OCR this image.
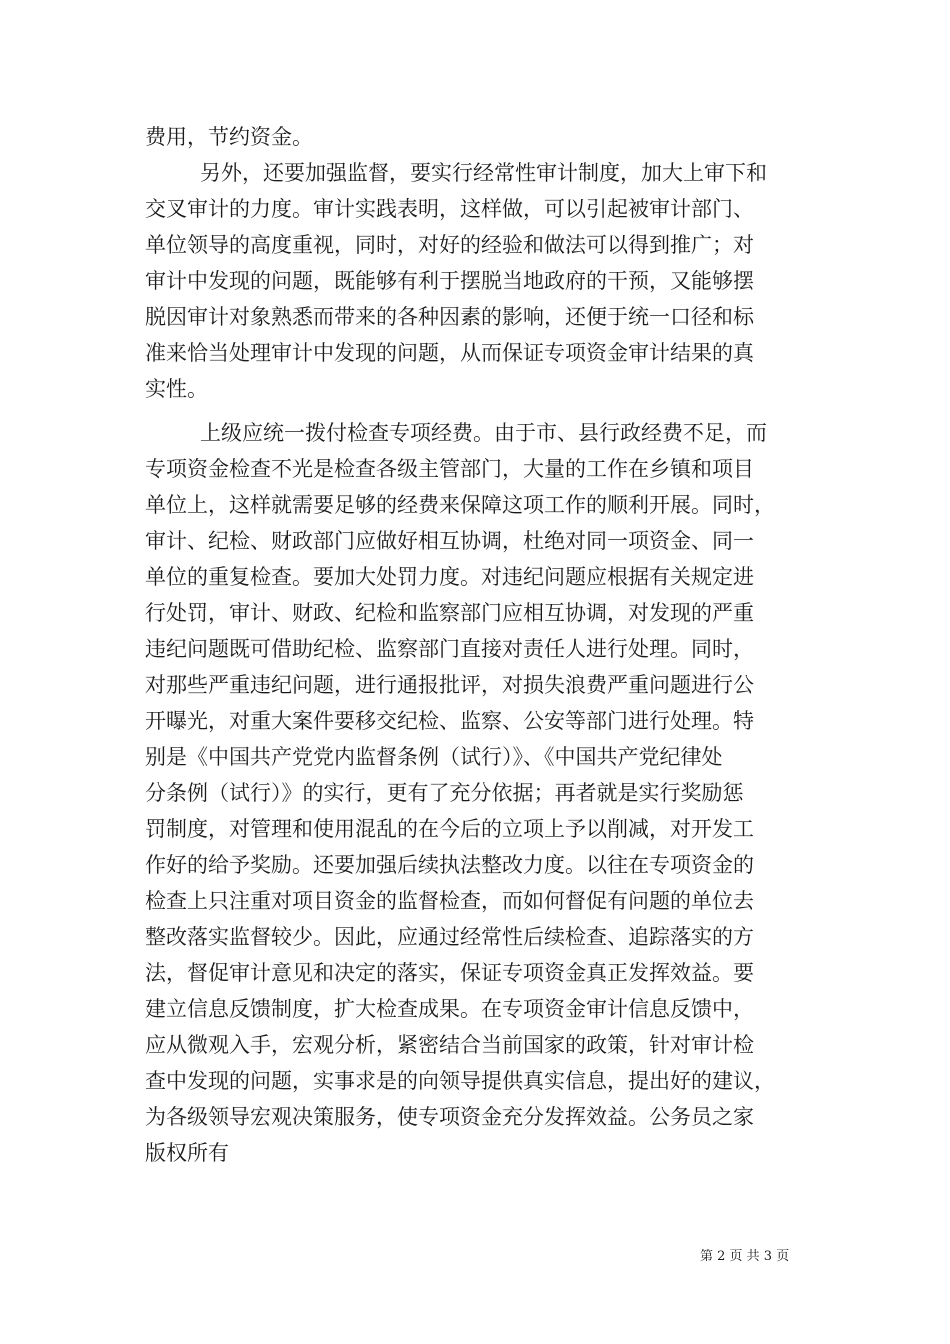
费用，节约资金。
另外，还要加强监督，要实行经常性审计制度，加大上审下和
交叉审计的力度。审计实践表明，这样做，可以引起被审计部门、
单位领导的高度重视，同时，对好的经验和做法可以得到推广；对
审计中发现的问题，既能够有利于摆脱当地政府的干预，又能够摆
脱因审计对象熟悉而带来的各种因素的影响，还便于统一口径和标
准来恰当处理审计中发现的问题，从而保证专项资金审计结果的真
实性。
上级应统一拨付检查专项经费。由于市、县行政经费不足，而
专项资金检查不光是检查各级主管部门，大量的工作在乡镇和项目
单位上，这样就需要足够的经费来保障这项工作的顺利开展。同时，
审计、纪检、财政部门应做好相互协调，杜绝对同一项资金、同一
单位的重复检查。要加大处罚力度。对违纪问题应根据有关规定进
行处罚，审计、财政、纪检和监察部门应相互协调，对发现的严重
违纪问题既可借助纪检、监察部门直接对责任人进行处理。同时，
对那些严重违纪问题，进行通报批评，对损失浪费严重问题进行公
开曝光，对重大案件要移交纪检、监察、公安等部门进行处理。特
别是《中国共产党党内监督条例（试行）》、《中国共产党纪律处
分条例（试行）》的实行，更有了充分依据；再者就是实行奖励惩
罚制度，对管理和使用混乱的在今后的立项上予以削减，对开发工
作好的给予奖励。还要加强后续执法整改力度。以往在专项资金的
检查上只注重对项目资金的监督检查，而如何督促有问题的单位去
整改落实监督较少。因此，应通过经常性后续检查、追踪落实的方
法，督促审计意见和决定的落实，保证专项资金真正发挥效益。要
建立信息反馈制度，扩大检查成果。在专项资金审计信息反馈中，
应从微观入手，宏观分析，紧密结合当前国家的政策，针对审计检
查中发现的问题，实事求是的向领导提供真实信息，提出好的建议，
为各级领导宏观决策服务，使专项资金充分发挥效益。公务员之家
版权所有
第 2 页 共 3 页
